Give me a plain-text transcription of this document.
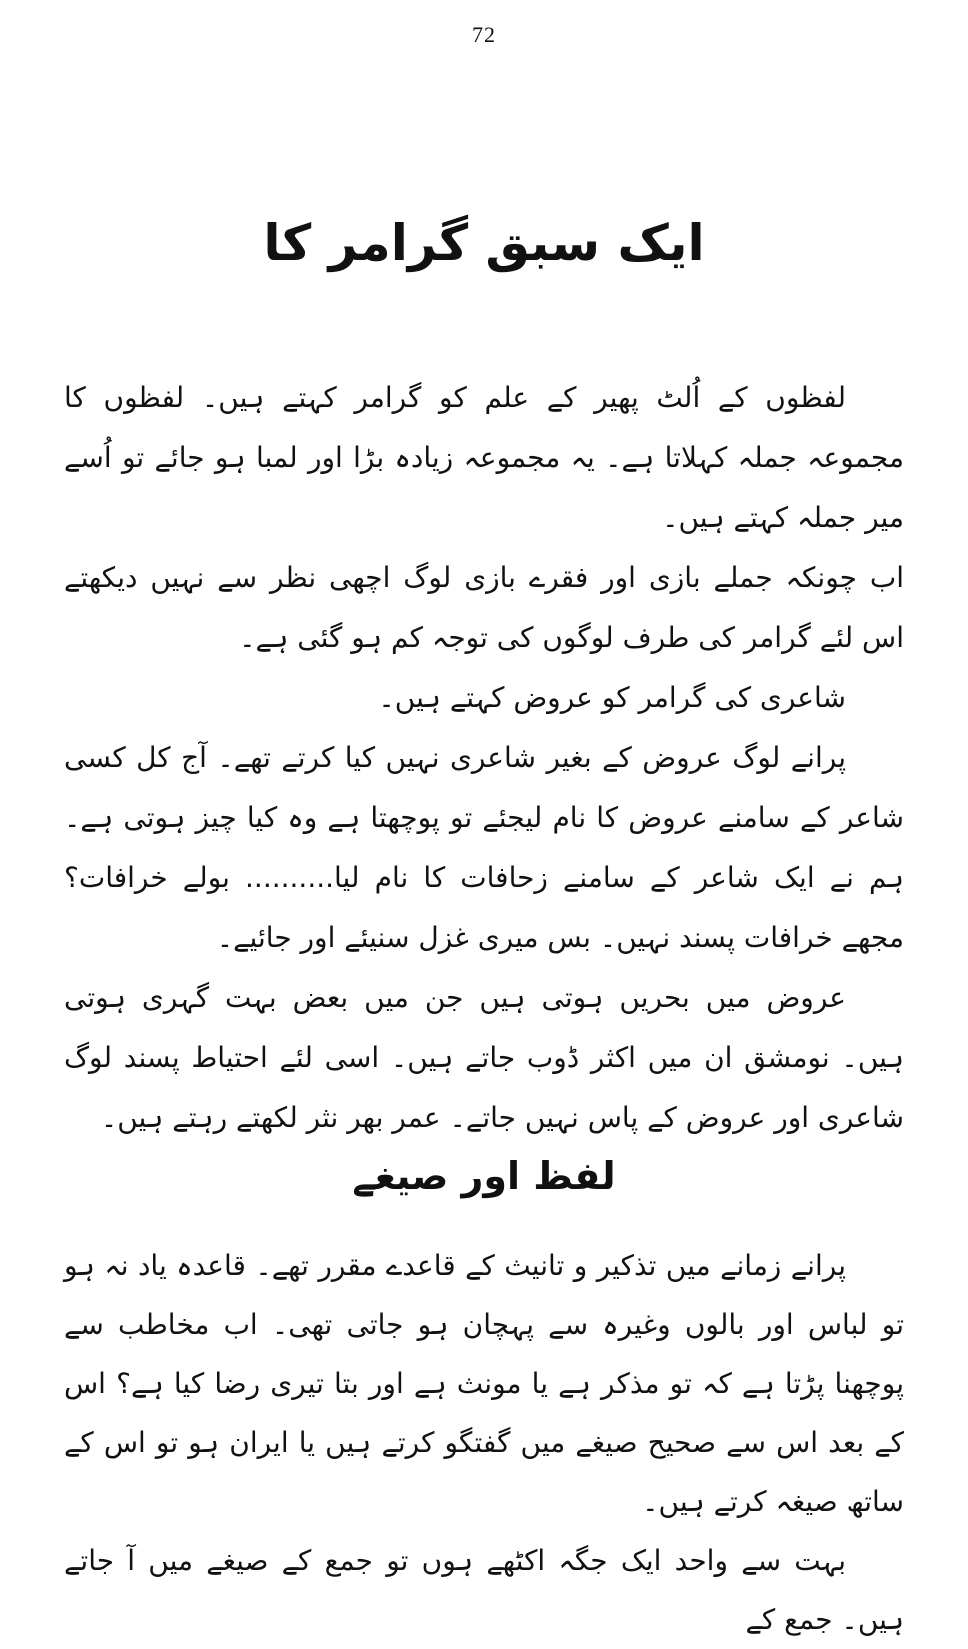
72
ایک سبق گرامر کا

لفظوں کے اُلٹ پھیر کے علم کو گرامر کہتے ہیں۔ لفظوں کا مجموعہ جملہ کہلاتا ہے۔ یہ مجموعہ زیادہ بڑا اور لمبا ہو جائے تو اُسے میر جملہ کہتے ہیں۔

اب چونکہ جملے بازی اور فقرے بازی لوگ اچھی نظر سے نہیں دیکھتے اس لئے گرامر کی طرف لوگوں کی توجہ کم ہو گئی ہے۔

شاعری کی گرامر کو عروض کہتے ہیں۔

پرانے لوگ عروض کے بغیر شاعری نہیں کیا کرتے تھے۔ آج کل کسی شاعر کے سامنے عروض کا نام لیجئے تو پوچھتا ہے وہ کیا چیز ہوتی ہے۔ ہم نے ایک شاعر کے سامنے زحافات کا نام لیا.......... بولے خرافات؟ مجھے خرافات پسند نہیں۔ بس میری غزل سنیئے اور جائیے۔

عروض میں بحریں ہوتی ہیں جن میں بعض بہت گہری ہوتی ہیں۔ نومشق ان میں اکثر ڈوب جاتے ہیں۔ اسی لئے احتیاط پسند لوگ شاعری اور عروض کے پاس نہیں جاتے۔ عمر بھر نثر لکھتے رہتے ہیں۔

لفظ اور صیغے

پرانے زمانے میں تذکیر و تانیث کے قاعدے مقرر تھے۔ قاعدہ یاد نہ ہو تو لباس اور بالوں وغیرہ سے پہچان ہو جاتی تھی۔ اب مخاطب سے پوچھنا پڑتا ہے کہ تو مذکر ہے یا مونث ہے اور بتا تیری رضا کیا ہے؟ اس کے بعد اس سے صحیح صیغے میں گفتگو کرتے ہیں یا ایران ہو تو اس کے ساتھ صیغہ کرتے ہیں۔

بہت سے واحد ایک جگہ اکٹھے ہوں تو جمع کے صیغے میں آ جاتے ہیں۔ جمع کے
